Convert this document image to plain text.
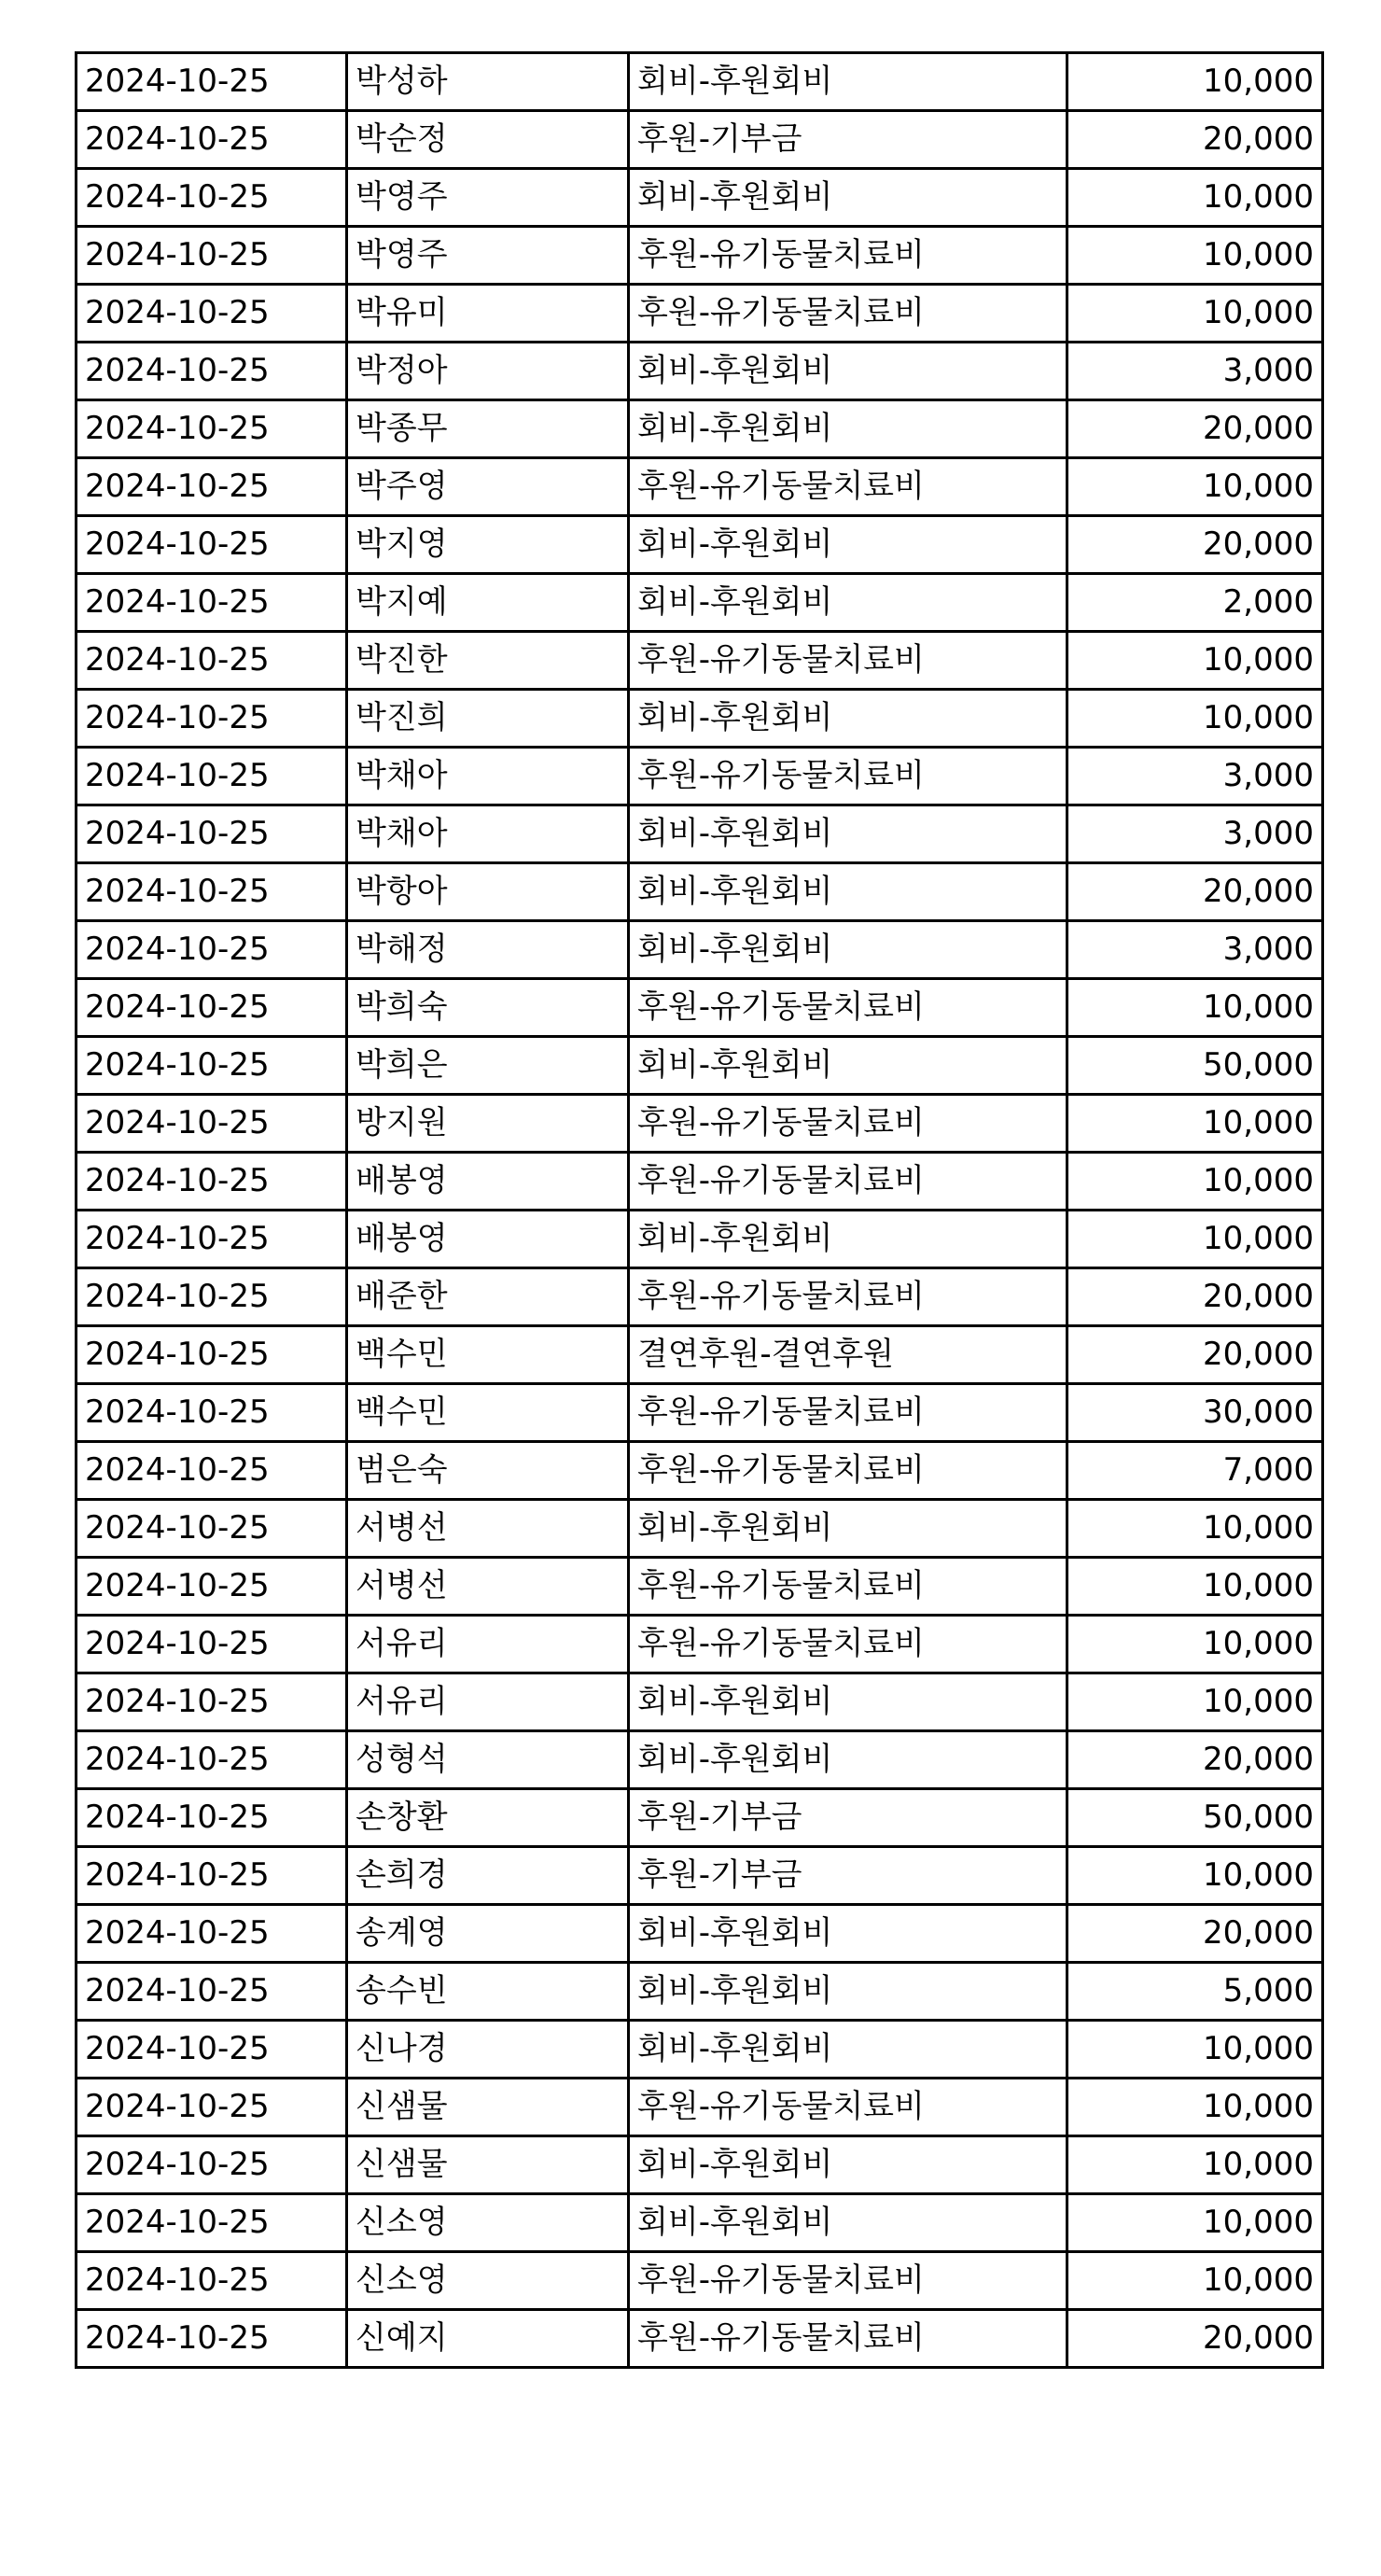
2024-10-25	박성하	회비-후원회비	10,000
2024-10-25	박순정	후원-기부금	20,000
2024-10-25	박영주	회비-후원회비	10,000
2024-10-25	박영주	후원-유기동물치료비	10,000
2024-10-25	박유미	후원-유기동물치료비	10,000
2024-10-25	박정아	회비-후원회비	3,000
2024-10-25	박종무	회비-후원회비	20,000
2024-10-25	박주영	후원-유기동물치료비	10,000
2024-10-25	박지영	회비-후원회비	20,000
2024-10-25	박지예	회비-후원회비	2,000
2024-10-25	박진한	후원-유기동물치료비	10,000
2024-10-25	박진희	회비-후원회비	10,000
2024-10-25	박채아	후원-유기동물치료비	3,000
2024-10-25	박채아	회비-후원회비	3,000
2024-10-25	박항아	회비-후원회비	20,000
2024-10-25	박해정	회비-후원회비	3,000
2024-10-25	박희숙	후원-유기동물치료비	10,000
2024-10-25	박희은	회비-후원회비	50,000
2024-10-25	방지원	후원-유기동물치료비	10,000
2024-10-25	배봉영	후원-유기동물치료비	10,000
2024-10-25	배봉영	회비-후원회비	10,000
2024-10-25	배준한	후원-유기동물치료비	20,000
2024-10-25	백수민	결연후원-결연후원	20,000
2024-10-25	백수민	후원-유기동물치료비	30,000
2024-10-25	범은숙	후원-유기동물치료비	7,000
2024-10-25	서병선	회비-후원회비	10,000
2024-10-25	서병선	후원-유기동물치료비	10,000
2024-10-25	서유리	후원-유기동물치료비	10,000
2024-10-25	서유리	회비-후원회비	10,000
2024-10-25	성형석	회비-후원회비	20,000
2024-10-25	손창환	후원-기부금	50,000
2024-10-25	손희경	후원-기부금	10,000
2024-10-25	송계영	회비-후원회비	20,000
2024-10-25	송수빈	회비-후원회비	5,000
2024-10-25	신나경	회비-후원회비	10,000
2024-10-25	신샘물	후원-유기동물치료비	10,000
2024-10-25	신샘물	회비-후원회비	10,000
2024-10-25	신소영	회비-후원회비	10,000
2024-10-25	신소영	후원-유기동물치료비	10,000
2024-10-25	신예지	후원-유기동물치료비	20,000
